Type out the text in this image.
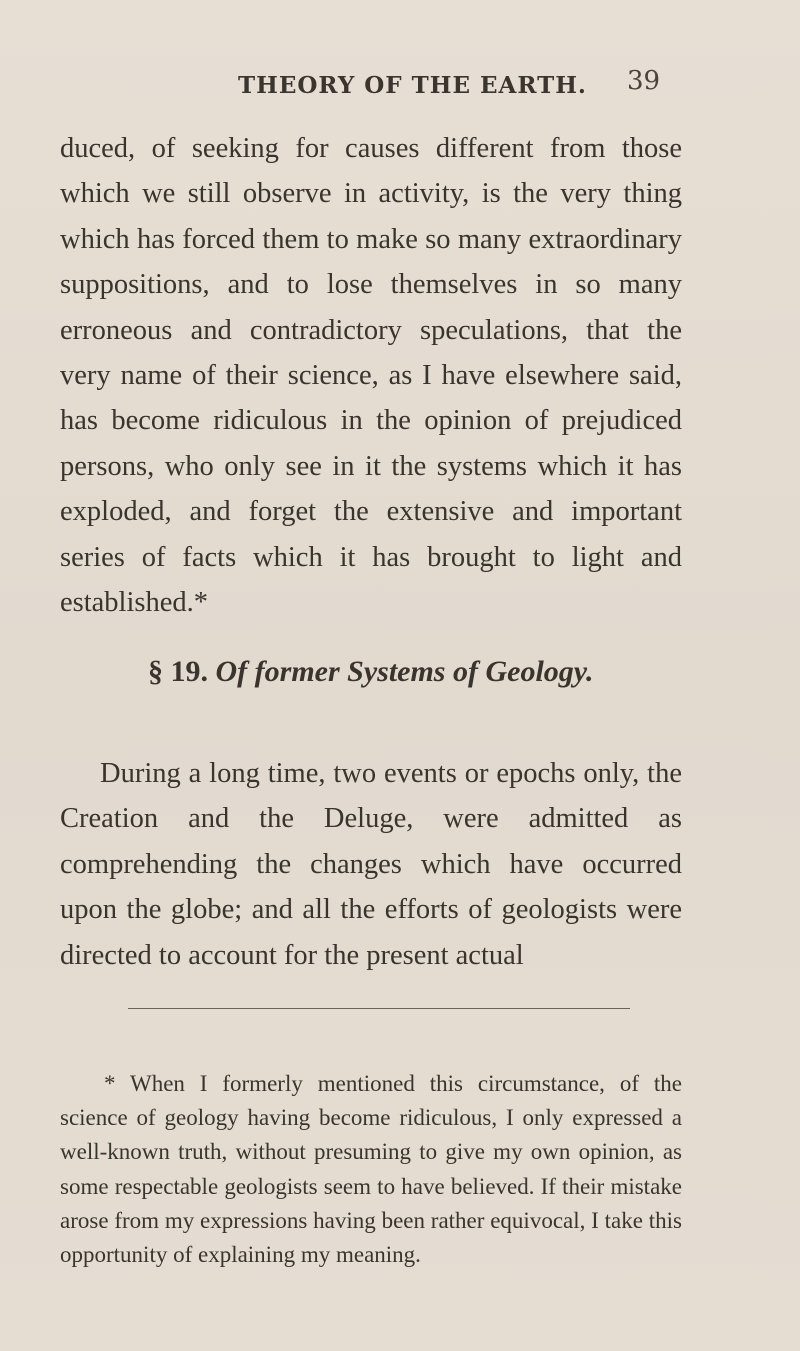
THEORY OF THE EARTH. 39

duced, of seeking for causes different from those which we still observe in activity, is the very thing which has forced them to make so many extraordinary suppositions, and to lose themselves in so many erroneous and contradictory speculations, that the very name of their science, as I have elsewhere said, has become ridiculous in the opinion of prejudiced persons, who only see in it the systems which it has exploded, and forget the extensive and important series of facts which it has brought to light and established.*

§ 19. Of former Systems of Geology.

During a long time, two events or epochs only, the Creation and the Deluge, were admitted as comprehending the changes which have occurred upon the globe; and all the efforts of geologists were directed to account for the present actual

* When I formerly mentioned this circumstance, of the science of geology having become ridiculous, I only expressed a well-known truth, without presuming to give my own opinion, as some respectable geologists seem to have believed. If their mistake arose from my expressions having been rather equivocal, I take this opportunity of explaining my meaning.
